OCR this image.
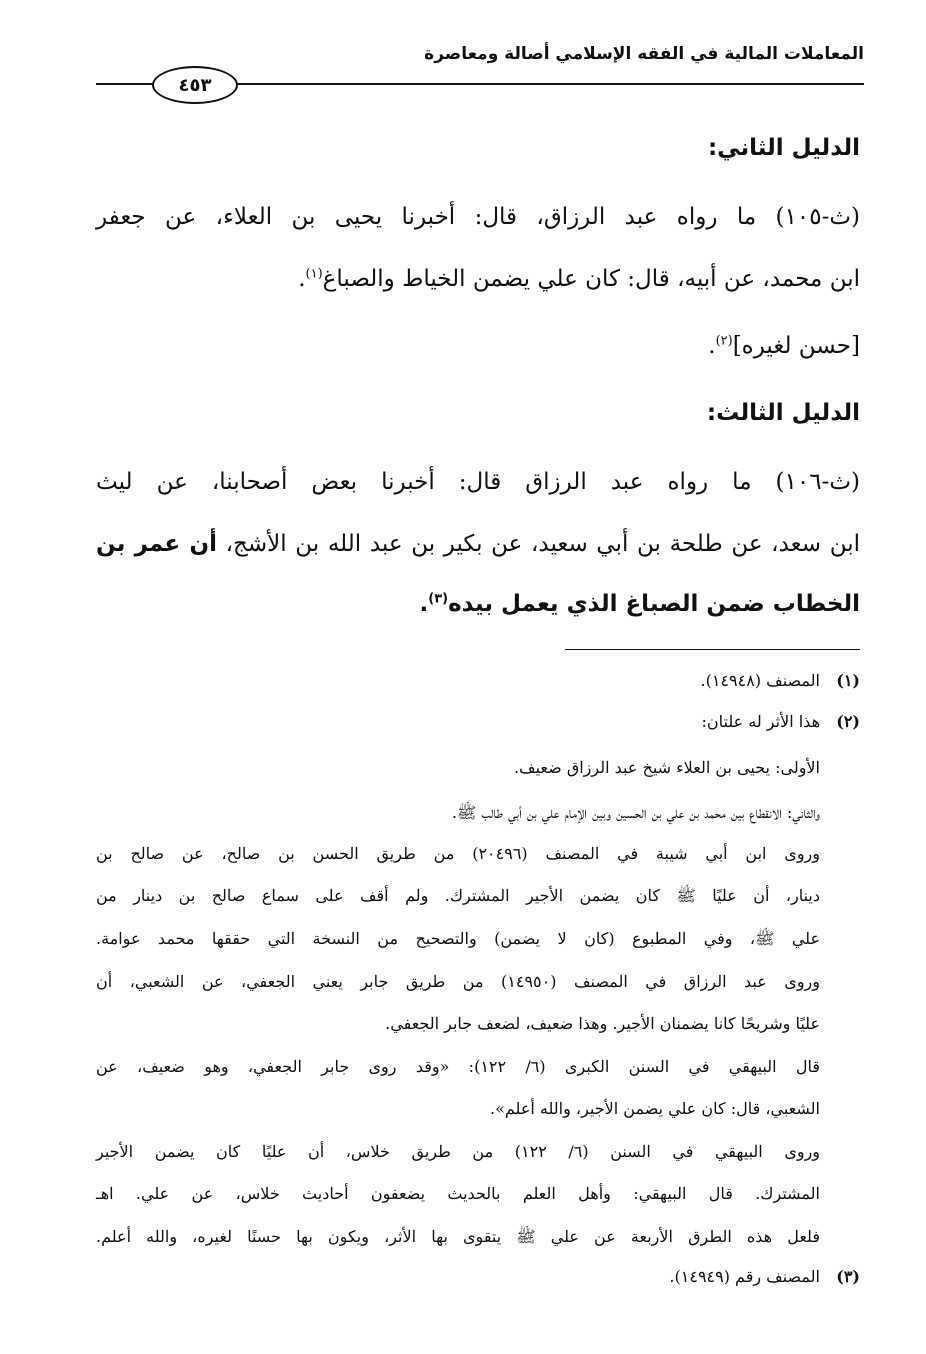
المعاملات المالية في الفقه الإسلامي أصالة ومعاصرة
٤٥٣
الدليل الثاني:
(ث-١٠٥) ما رواه عبد الرزاق، قال: أخبرنا يحيى بن العلاء، عن جعفر
ابن محمد، عن أبيه، قال: كان علي يضمن الخياط والصباغ$^{(١)}$.
[حسن لغيره]$^{(٢)}$.
الدليل الثالث:
(ث-١٠٦) ما رواه عبد الرزاق قال: أخبرنا بعض أصحابنا، عن ليث
ابن سعد، عن طلحة بن أبي سعيد، عن بكير بن عبد الله بن الأشج، أن عمر بن
الخطاب ضمن الصباغ الذي يعمل بيده$^{(٣)}$.
(١)المصنف (١٤٩٤٨).
(٢)هذا الأثر له علتان:
الأولى: يحيى بن العلاء شيخ عبد الرزاق ضعيف.
والثاني: الانقطاع بين محمد بن علي بن الحسين وبين الإمام علي بن أبي طالب ﷺ.
وروى ابن أبي شيبة في المصنف (٢٠٤٩٦) من طريق الحسن بن صالح، عن صالح بن
دينار، أن عليًا ﷺ كان يضمن الأجير المشترك. ولم أقف على سماع صالح بن دينار من
علي ﷺ، وفي المطبوع (كان لا يضمن) والتصحيح من النسخة التي حققها محمد عوامة.
وروى عبد الرزاق في المصنف (١٤٩٥٠) من طريق جابر يعني الجعفي، عن الشعبي، أن
عليًا وشريحًا كانا يضمنان الأجير. وهذا ضعيف، لضعف جابر الجعفي.
قال البيهقي في السنن الكبرى (٦/ ١٢٢): «وقد روى جابر الجعفي، وهو ضعيف، عن
الشعبي، قال: كان علي يضمن الأجير، والله أعلم».
وروى البيهقي في السنن (٦/ ١٢٢) من طريق خلاس، أن عليًا كان يضمن الأجير
المشترك. قال البيهقي: وأهل العلم بالحديث يضعفون أحاديث خلاس، عن علي. اهـ
فلعل هذه الطرق الأربعة عن علي ﷺ يتقوى بها الأثر، ويكون بها حسنًا لغيره، والله أعلم.
(٣)المصنف رقم (١٤٩٤٩).
